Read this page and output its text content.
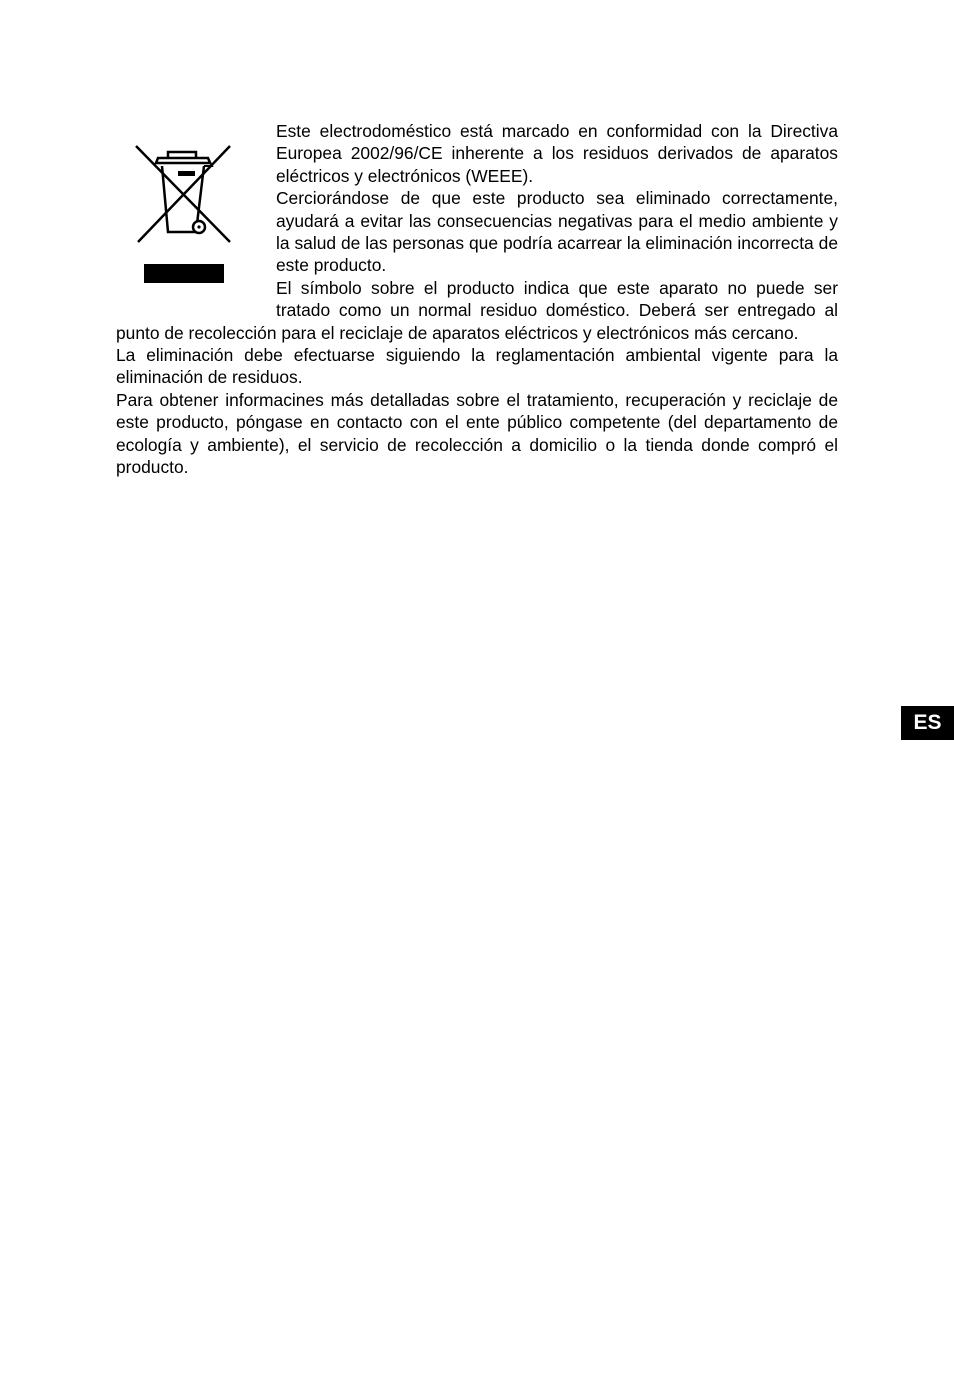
Este electrodoméstico está marcado en conformidad con la Directiva Europea 2002/96/CE inherente a los residuos derivados de aparatos eléctricos y electrónicos (WEEE).

Cerciorándose de que este producto sea eliminado correctamente, ayudará a evitar las consecuencias negativas para el medio ambiente y la salud de las personas que podría acarrear la eliminación incorrecta de este producto.

El símbolo sobre el producto indica que este aparato no puede ser tratado como un normal residuo doméstico. Deberá ser entregado al punto de recolección para el reciclaje de aparatos eléctricos y electrónicos más cercano.

La eliminación debe efectuarse siguiendo la reglamentación ambiental vigente para la eliminación de residuos.

Para obtener informacines más detalladas sobre el tratamiento, recuperación y reciclaje de este producto, póngase en contacto con el ente público competente (del departamento de ecología y ambiente), el servicio de recolección a domicilio o la tienda donde compró el producto.

ES
